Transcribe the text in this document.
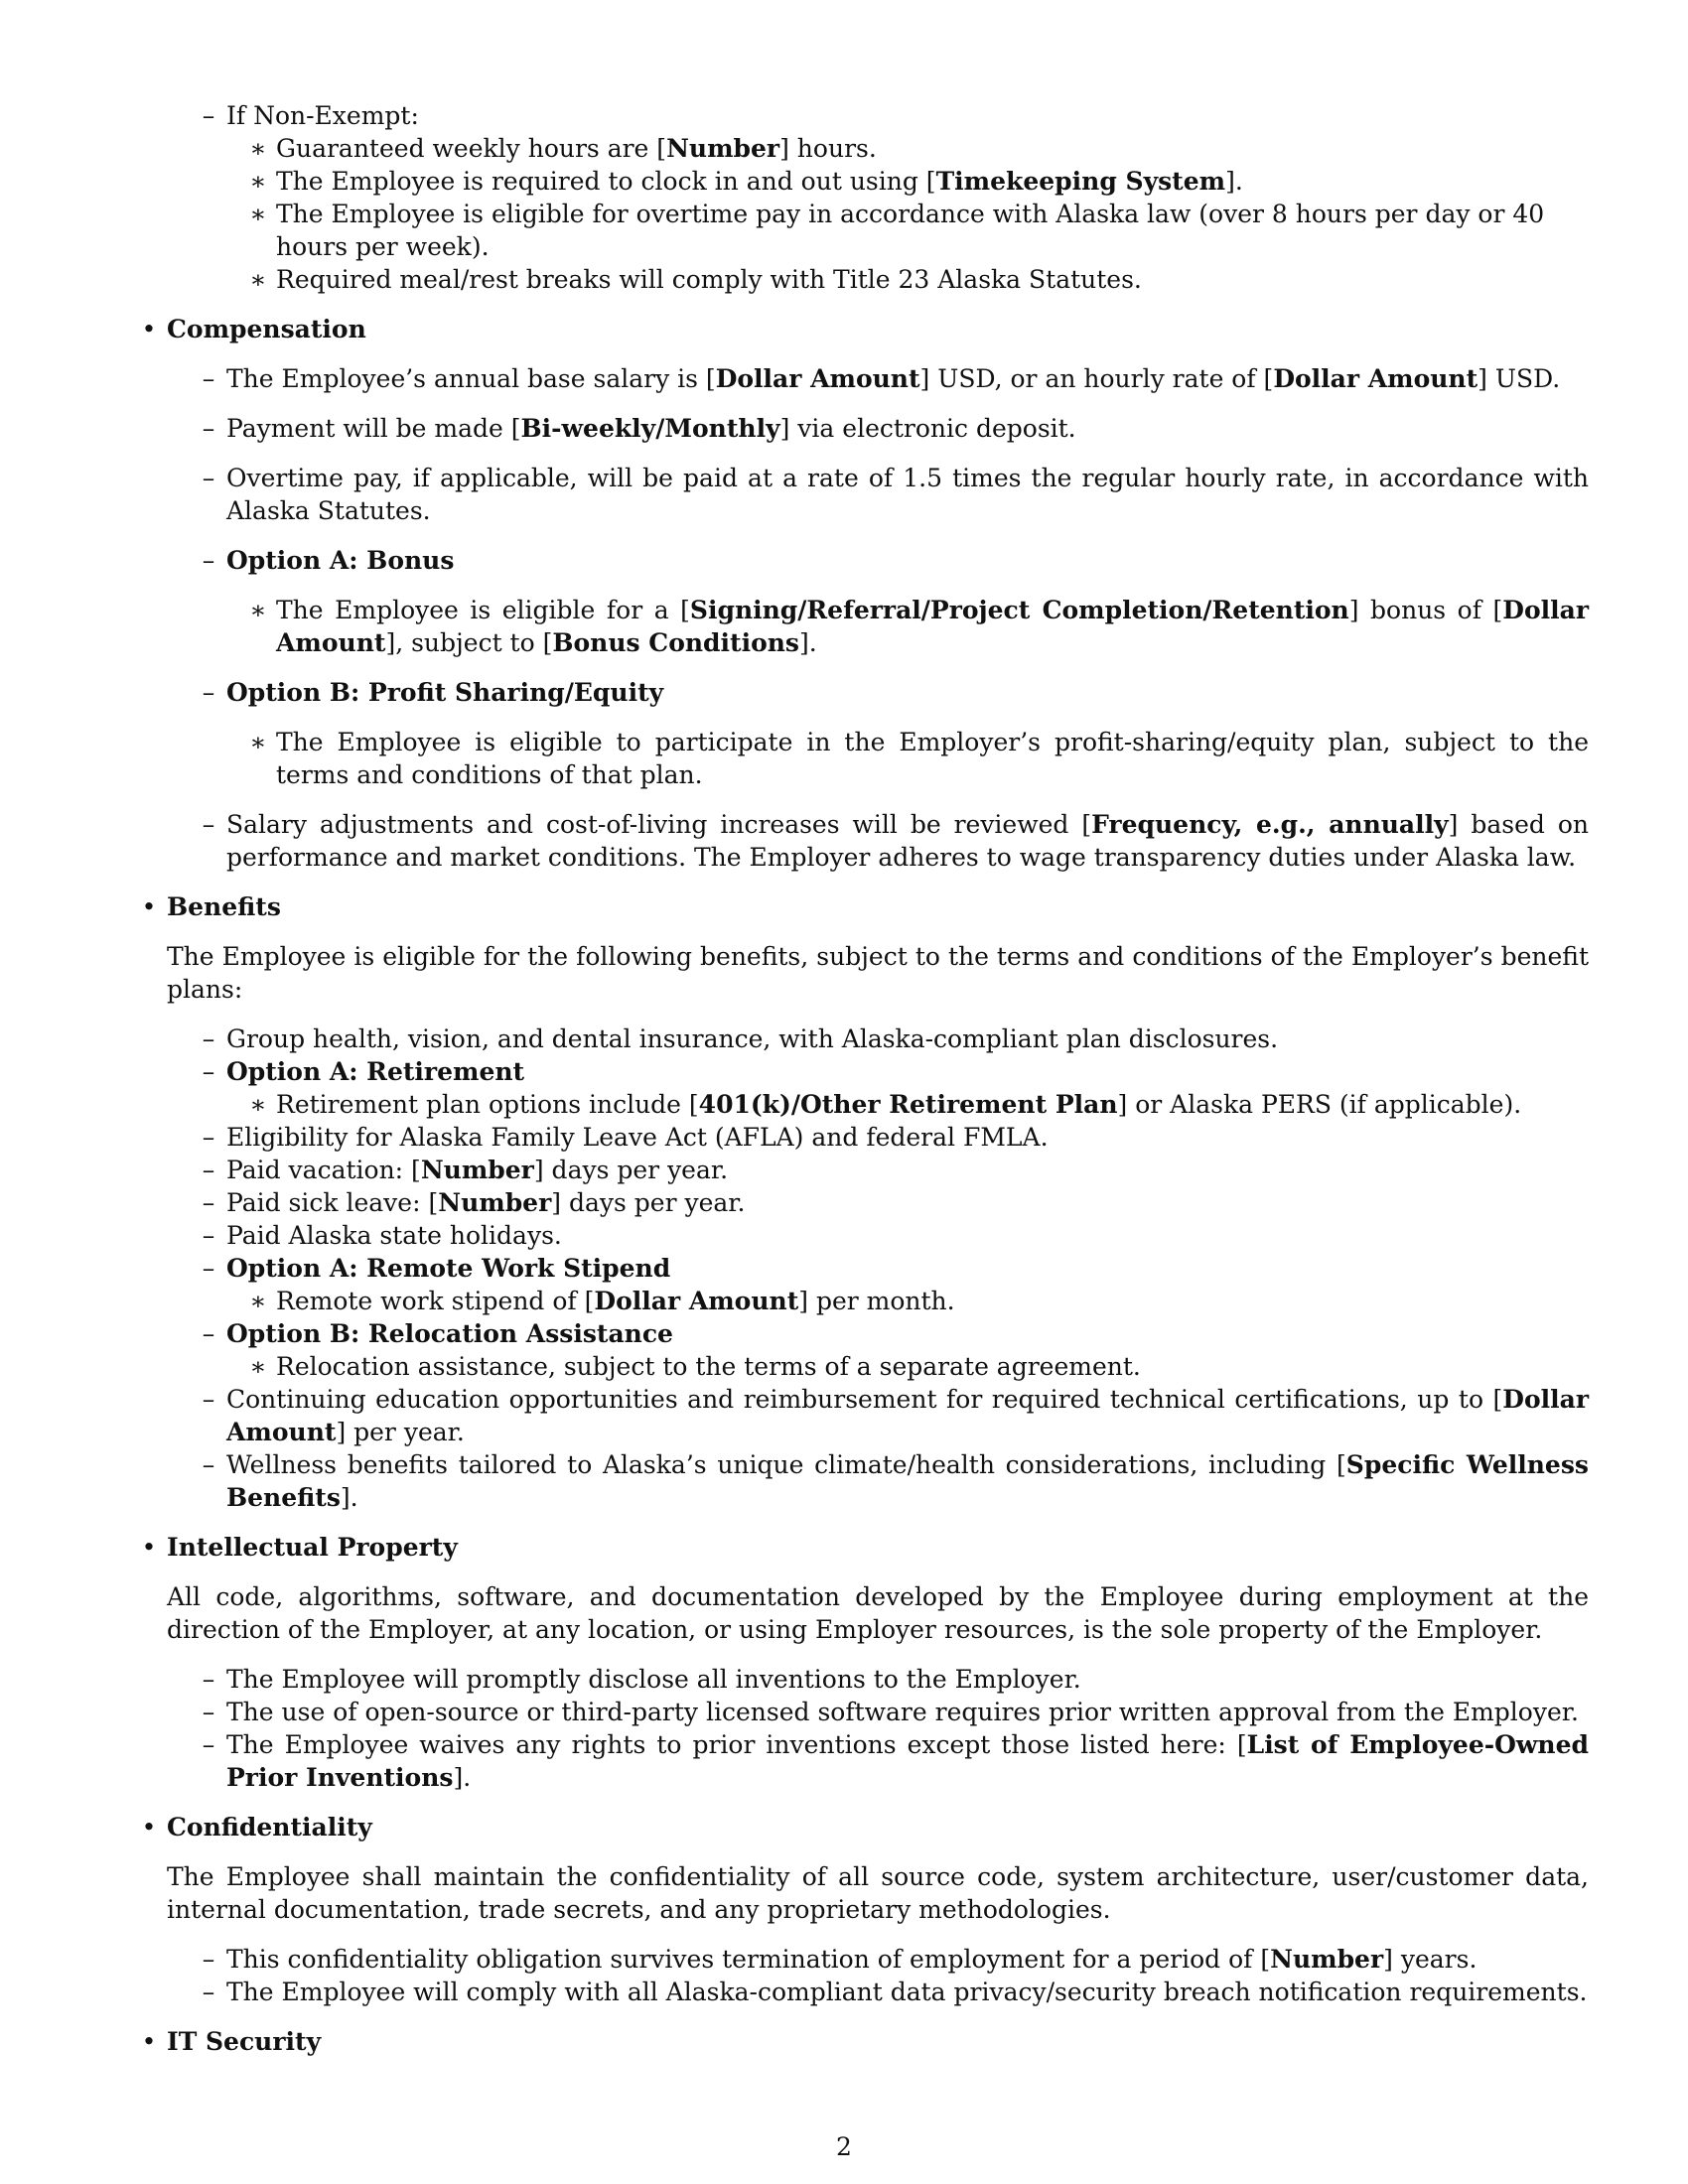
– If Non-Exempt:
∗ Guaranteed weekly hours are [Number] hours.
∗ The Employee is required to clock in and out using [Timekeeping System].
∗ The Employee is eligible for overtime pay in accordance with Alaska law (over 8 hours per day or 40 hours per week).

∗ Required meal/rest breaks will comply with Title 23 Alaska Statutes.
• Compensation
– The Employee’s annual base salary is [Dollar Amount] USD, or an hourly rate of [Dollar Amount] USD.
– Payment will be made [Bi-weekly/Monthly] via electronic deposit.
– Overtime pay, if applicable, will be paid at a rate of 1.5 times the regular hourly rate, in accordance with Alaska Statutes.

– Option A: Bonus
∗ The Employee is eligible for a [Signing/Referral/Project Completion/Retention] bonus of [Dollar Amount], subject to [Bonus Conditions].

– Option B: Profit Sharing/Equity
∗ The Employee is eligible to participate in the Employer’s profit-sharing/equity plan, subject to the terms and conditions of that plan.

– Salary adjustments and cost-of-living increases will be reviewed [Frequency, e.g., annually] based on performance and market conditions. The Employer adheres to wage transparency duties under Alaska law.

• Benefits

The Employee is eligible for the following benefits, subject to the terms and conditions of the Employer’s benefit plans:

– Group health, vision, and dental insurance, with Alaska-compliant plan disclosures.
– Option A: Retirement
∗ Retirement plan options include [401(k)/Other Retirement Plan] or Alaska PERS (if applicable).
– Eligibility for Alaska Family Leave Act (AFLA) and federal FMLA.
– Paid vacation: [Number] days per year.
– Paid sick leave: [Number] days per year.
– Paid Alaska state holidays.
– Option A: Remote Work Stipend
∗ Remote work stipend of [Dollar Amount] per month.
– Option B: Relocation Assistance
∗ Relocation assistance, subject to the terms of a separate agreement.
– Continuing education opportunities and reimbursement for required technical certifications, up to [Dollar Amount] per year.

– Wellness benefits tailored to Alaska’s unique climate/health considerations, including [Specific Wellness Benefits].

• Intellectual Property

All code, algorithms, software, and documentation developed by the Employee during employment at the direction of the Employer, at any location, or using Employer resources, is the sole property of the Employer.

– The Employee will promptly disclose all inventions to the Employer.
– The use of open-source or third-party licensed software requires prior written approval from the Employer.
– The Employee waives any rights to prior inventions except those listed here: [List of Employee-Owned Prior Inventions].

• Confidentiality

The Employee shall maintain the confidentiality of all source code, system architecture, user/customer data, internal documentation, trade secrets, and any proprietary methodologies.

– This confidentiality obligation survives termination of employment for a period of [Number] years.
– The Employee will comply with all Alaska-compliant data privacy/security breach notification requirements.
• IT Security
2
